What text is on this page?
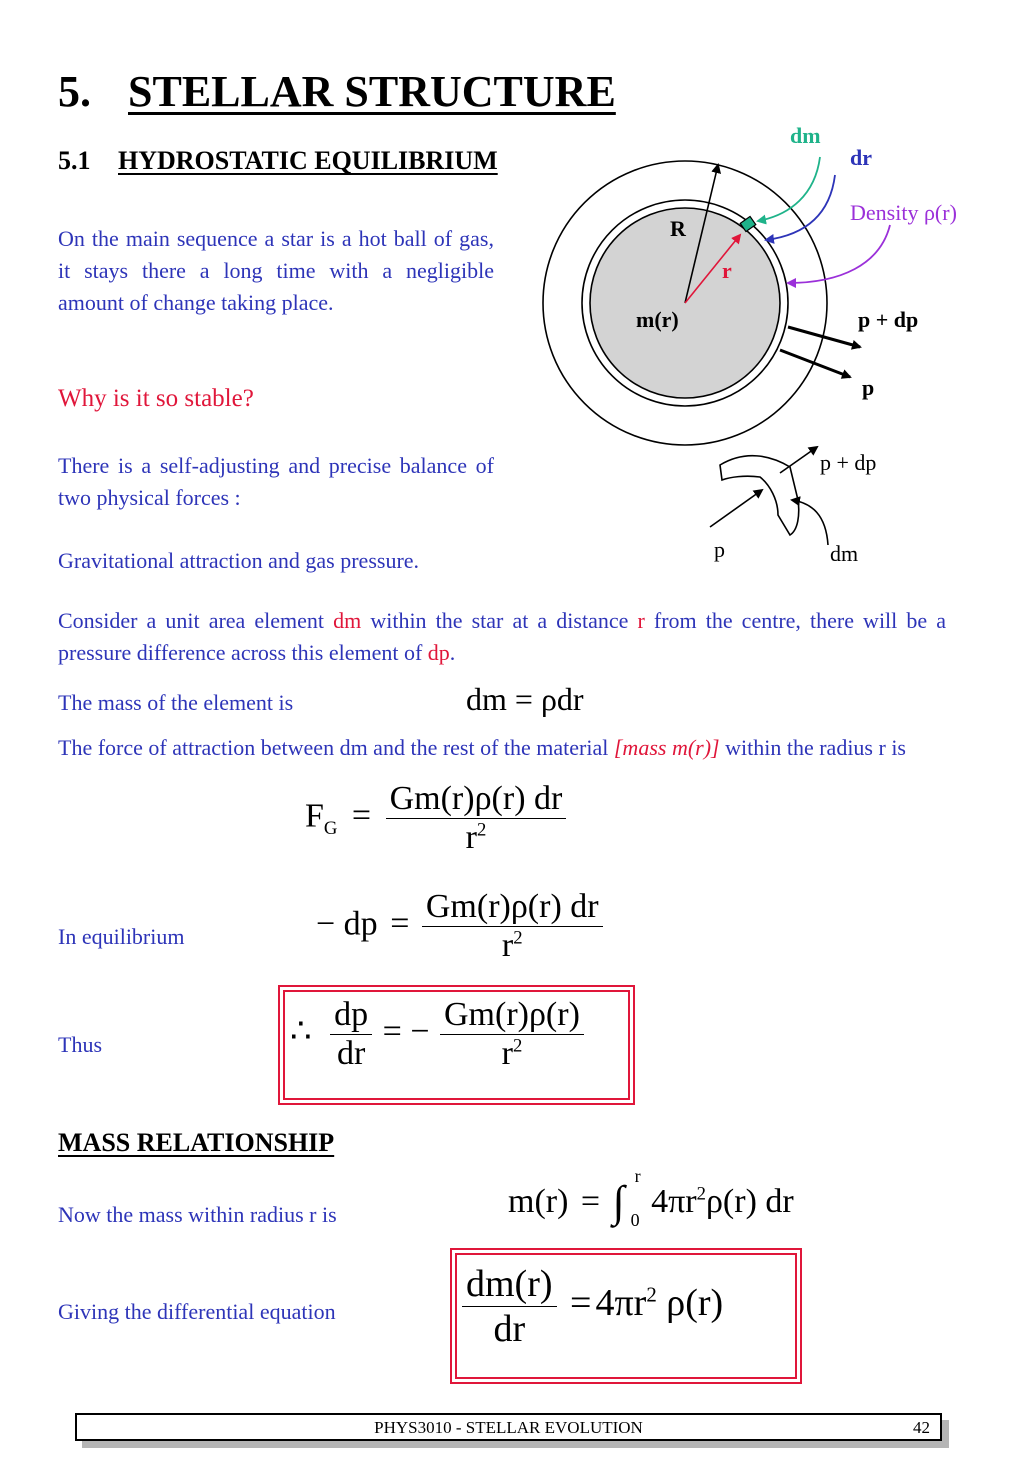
5. STELLAR STRUCTURE
5.1 HYDROSTATIC EQUILIBRIUM

On the main sequence a star is a hot ball of gas, it stays there a long time with a negligible amount of change taking place.

Why is it so stable?

There is a self-adjusting and precise balance of two physical forces :

Gravitational attraction and gas pressure.

dm
dr
Density ρ(r)
R
r
m(r)	p + dp
p
p + dp
p	dm

Consider a unit area element dm within the star at a distance r from the centre, there will be a pressure difference across this element of dp.

The mass of the element is	dm = ρdr

The force of attraction between dm and the rest of the material [mass m(r)] within the radius r is

$F_G = \frac{Gm(r)\rho(r) dr}{r^2}$
In equilibrium	− dp = $\frac{Gm(r)\rho(r) dr}{r^2}$
Thus	∴ $\frac{dp}{dr}$ = − $\frac{Gm(r)\rho(r)}{r^2}$
MASS RELATIONSHIP
Now the mass within radius r is	m(r) = ∫
r
0 $4\pi r^2\rho(r)$ dr
Giving the differential equation	$\frac{dm(r)}{dr} = 4\pi r^2$ ρ(r)
PHYS3010 - STELLAR EVOLUTION	42
